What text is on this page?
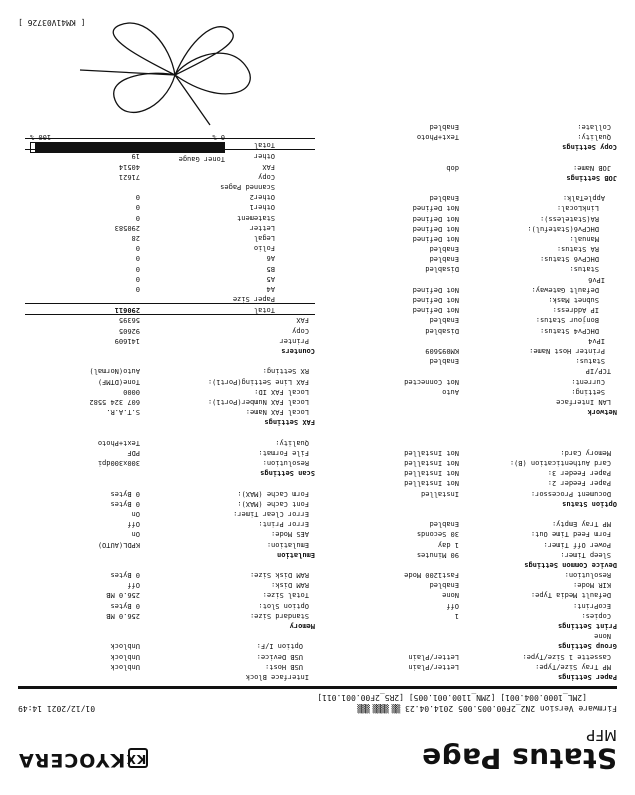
Status Page
MFP
KXKYOCERA
Firmware Version 2N2_2F00.005.005 2014.04.23 ▒▒ ▒▒▒▒ ▒▒▒
[2ML_1000.004.001] [2MN_1100.001.005] [2R5_2F00.001.011]
01/12/2021 14:49
Paper Settings
MP Tray Size/Type:
Letter/Plain
Cassette 1 Size/Type:
Letter/Plain
Group Settings
None
Print Settings
Copies:
1
EcoPrint:
Off
Default Media Type:
None
KIR Mode:
Enabled
Resolution:
Fast1200 Mode
Device Common Settings
Sleep Timer:
90 Minutes
Power Off Timer:
1 day
Form Feed Time Out:
30 Seconds
MP Tray Empty:
Enabled
Option Status
Document Processor:
Installed
Paper Feeder 2:
Not Installed
Paper Feeder 3:
Not Installed
Card Authentication (B):
Not Installed
Memory Card:
Not Installed
Network
LAN Interface
Setting:
Auto
Current:
Not Connected
TCP/IP
Status:
Enabled
Printer Host Name:
KM095609
IPv4
DHCPv4 Status:
Disabled
Bonjour Status:
Enabled
IP Address:
Not Defined
Subnet Mask:
Not Defined
Default Gateway:
Not Defined
IPv6
Status:
Disabled
DHCPv6 Status:
Enabled
RA Status:
Enabled
Manual:
Not Defined
DHCPv6(Stateful):
Not Defined
RA(Stateless):
Not Defined
LinkLocal:
Not Defined
AppleTalk:
Enabled
JOB Settings
JOB Name:
dob
Copy Settings
Quality:
Text+Photo
Collate:
Enabled
Interface Block
USB Host:
Unblock
USB Device:
Unblock
Option I/F:
Unblock
Memory
Standard Size:
256.0 MB
Option Slot:
0 Bytes
Total Size:
256.0 MB
RAM Disk:
Off
RAM Disk Size:
0 Bytes
Emulation
Emulation:
KPDL(AUTO)
AES Mode:
On
Error Print:
Off
Error Clear Timer:
On
Font Cache (MAX):
0 Bytes
Form Cache (MAX):
0 Bytes
Scan Settings
Resolution:
300x300dpi
File Format:
PDF
Quality:
Text+Photo
FAX Settings
Local FAX Name:
S.T.A.R.
Local FAX Number(Port1):
607 324 5582
Local FAX ID:
0000
FAX Line Setting(Port1):
Tone(DTMF)
RX Setting:
Auto(Normal)
Counters
Printer
141609
Copy
92605
FAX
56395
Total
290611
Paper Size
A4
0
A5
0
B5
0
A6
0
Folio
0
Legal
28
Letter
290583
Statement
0
Other1
0
Other2
0
Scanned Pages
Copy
71621
FAX
40514
Other
19
Total
Toner Gauge
0 %
100 %
[ KM41V03726 ]
